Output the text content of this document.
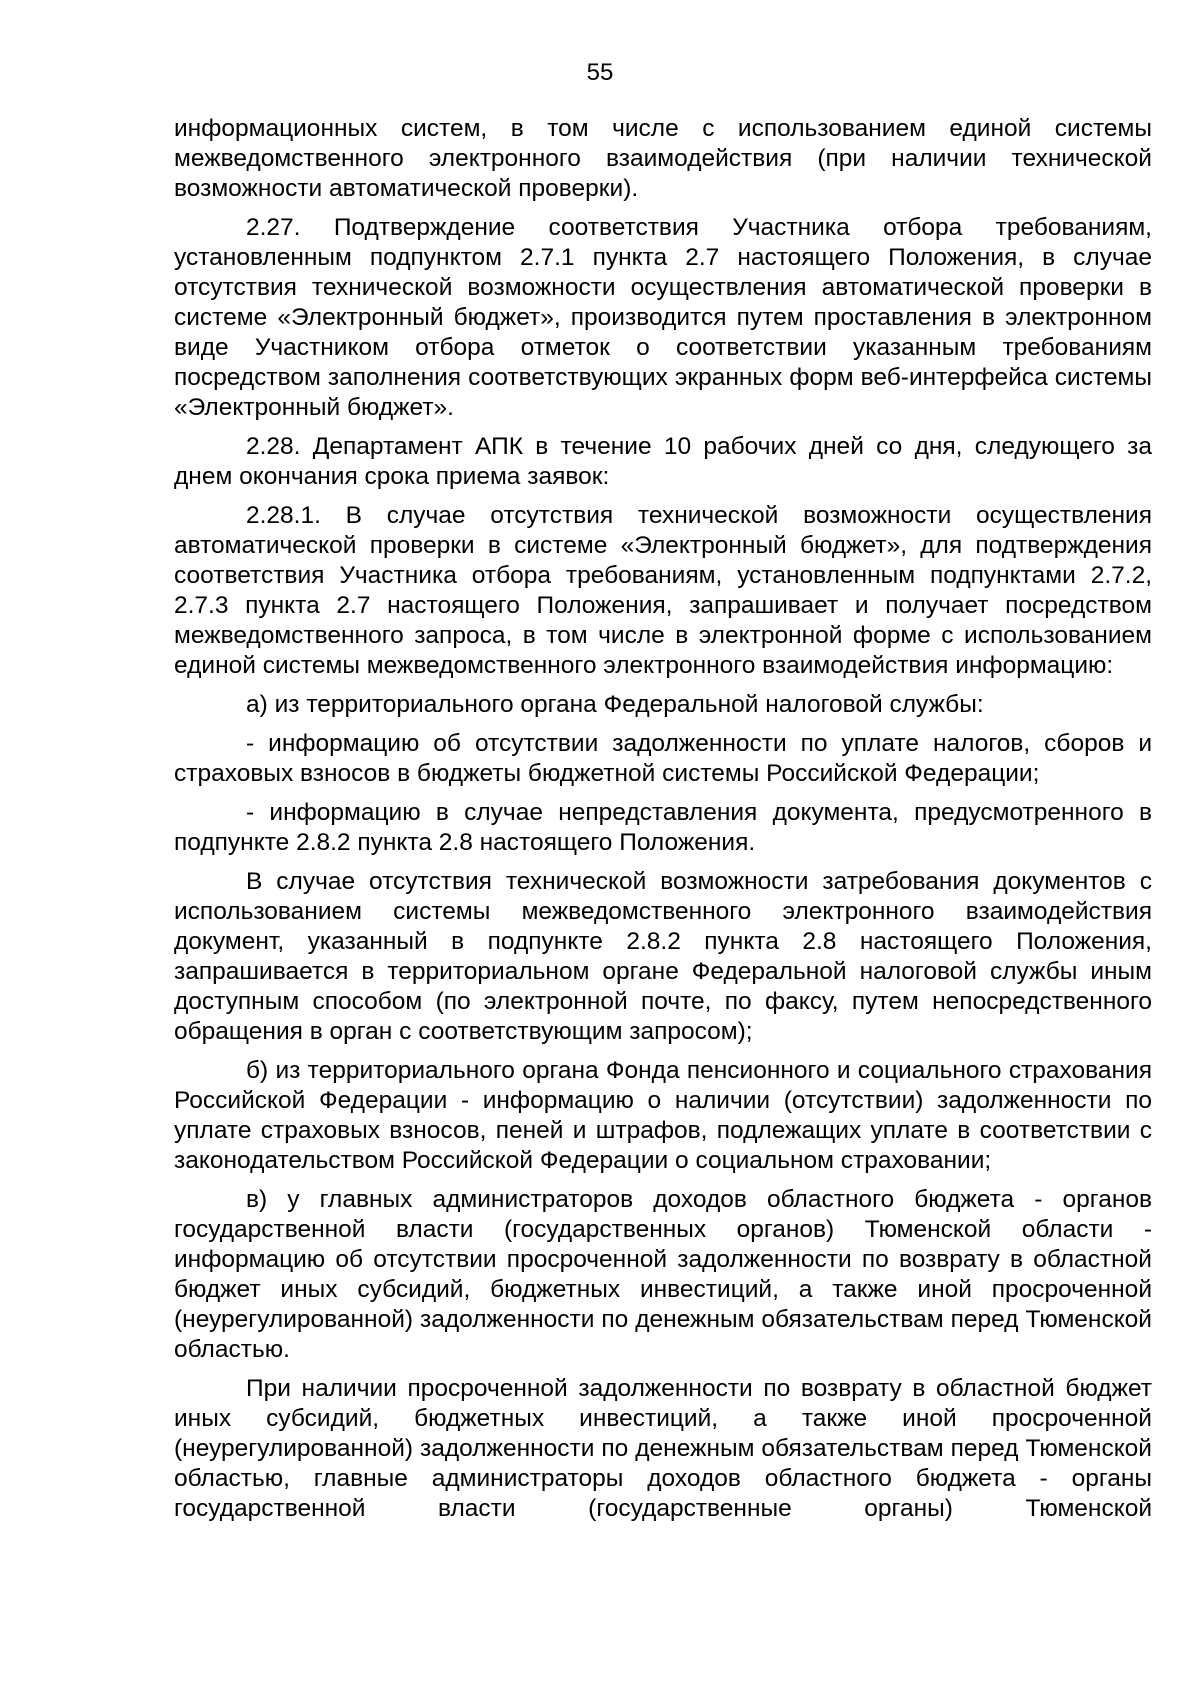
55

информационных систем, в том числе с использованием единой системы межведомственного электронного взаимодействия (при наличии технической возможности автоматической проверки).

2.27. Подтверждение соответствия Участника отбора требованиям, установленным подпунктом 2.7.1 пункта 2.7 настоящего Положения, в случае отсутствия технической возможности осуществления автоматической проверки в системе «Электронный бюджет», производится путем проставления в электронном виде Участником отбора отметок о соответствии указанным требованиям посредством заполнения соответствующих экранных форм веб-интерфейса системы «Электронный бюджет».

2.28. Департамент АПК в течение 10 рабочих дней со дня, следующего за днем окончания срока приема заявок:

2.28.1. В случае отсутствия технической возможности осуществления автоматической проверки в системе «Электронный бюджет», для подтверждения соответствия Участника отбора требованиям, установленным подпунктами 2.7.2, 2.7.3 пункта 2.7 настоящего Положения, запрашивает и получает посредством межведомственного запроса, в том числе в электронной форме с использованием единой системы межведомственного электронного взаимодействия информацию:

а) из территориального органа Федеральной налоговой службы:

- информацию об отсутствии задолженности по уплате налогов, сборов и страховых взносов в бюджеты бюджетной системы Российской Федерации;

- информацию в случае непредставления документа, предусмотренного в подпункте 2.8.2 пункта 2.8 настоящего Положения.

В случае отсутствия технической возможности затребования документов с использованием системы межведомственного электронного взаимодействия документ, указанный в подпункте 2.8.2 пункта 2.8 настоящего Положения, запрашивается в территориальном органе Федеральной налоговой службы иным доступным способом (по электронной почте, по факсу, путем непосредственного обращения в орган с соответствующим запросом);

б) из территориального органа Фонда пенсионного и социального страхования Российской Федерации - информацию о наличии (отсутствии) задолженности по уплате страховых взносов, пеней и штрафов, подлежащих уплате в соответствии с законодательством Российской Федерации о социальном страховании;

в) у главных администраторов доходов областного бюджета - органов государственной власти (государственных органов) Тюменской области - информацию об отсутствии просроченной задолженности по возврату в областной бюджет иных субсидий, бюджетных инвестиций, а также иной просроченной (неурегулированной) задолженности по денежным обязательствам перед Тюменской областью.

При наличии просроченной задолженности по возврату в областной бюджет иных субсидий, бюджетных инвестиций, а также иной просроченной (неурегулированной) задолженности по денежным обязательствам перед Тюменской областью, главные администраторы доходов областного бюджета - органы государственной власти (государственные органы) Тюменской
